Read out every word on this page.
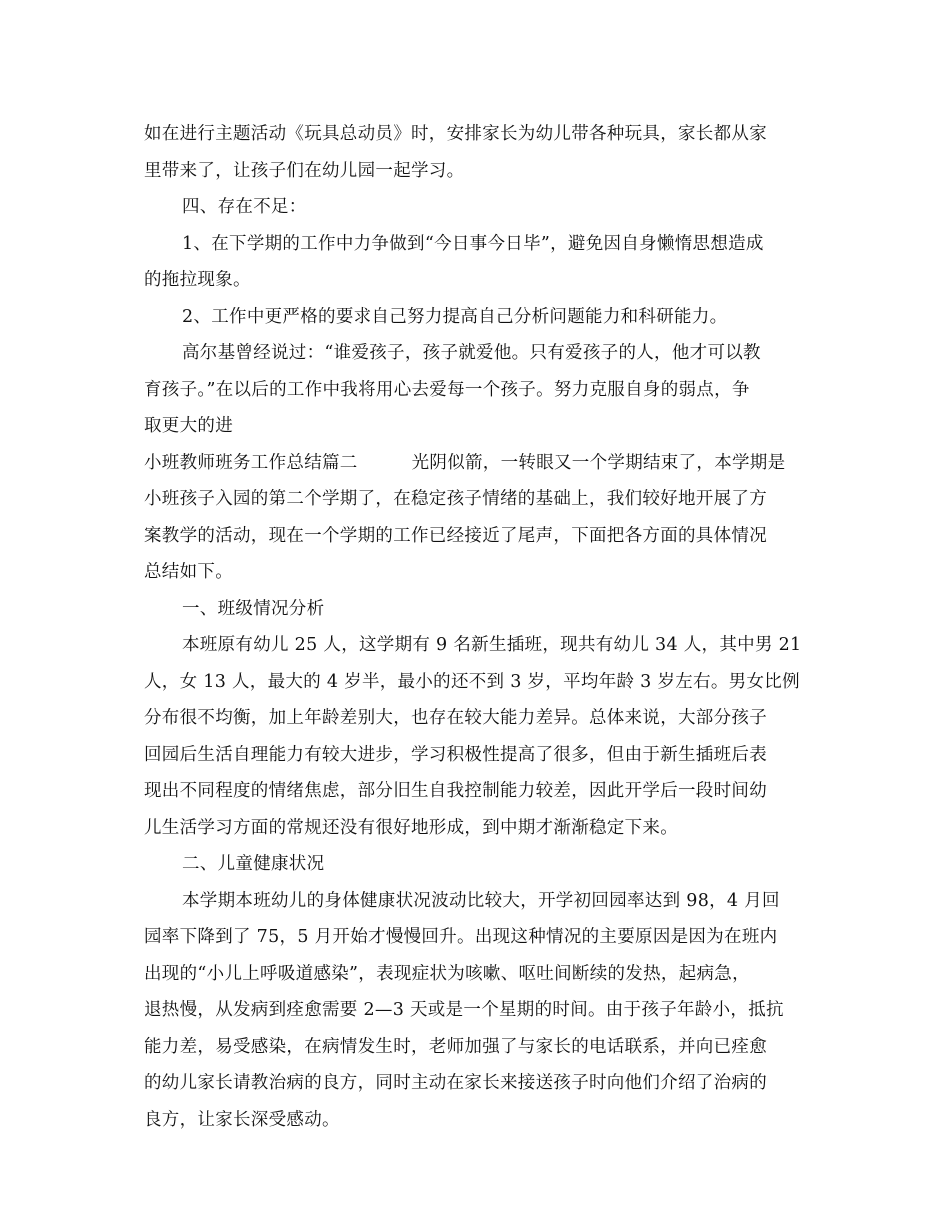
如在进行主题活动《玩具总动员》时，安排家长为幼儿带各种玩具，家长都从家
里带来了，让孩子们在幼儿园一起学习。
四、存在不足：
1、在下学期的工作中力争做到“今日事今日毕”，避免因自身懒惰思想造成
的拖拉现象。
2、工作中更严格的要求自己努力提高自己分析问题能力和科研能力。
高尔基曾经说过：“谁爱孩子，孩子就爱他。只有爱孩子的人，他才可以教
育孩子。”在以后的工作中我将用心去爱每一个孩子。努力克服自身的弱点，争
取更大的进
小班教师班务工作总结篇二	光阴似箭，一转眼又一个学期结束了，本学期是
小班孩子入园的第二个学期了，在稳定孩子情绪的基础上，我们较好地开展了方
案教学的活动，现在一个学期的工作已经接近了尾声，下面把各方面的具体情况
总结如下。
一、班级情况分析
本班原有幼儿 25 人，这学期有 9 名新生插班，现共有幼儿 34 人，其中男 21
人，女 13 人，最大的 4 岁半，最小的还不到 3 岁，平均年龄 3 岁左右。男女比例
分布很不均衡，加上年龄差别大，也存在较大能力差异。总体来说，大部分孩子
回园后生活自理能力有较大进步，学习积极性提高了很多，但由于新生插班后表
现出不同程度的情绪焦虑，部分旧生自我控制能力较差，因此开学后一段时间幼
儿生活学习方面的常规还没有很好地形成，到中期才渐渐稳定下来。
二、儿童健康状况
本学期本班幼儿的身体健康状况波动比较大，开学初回园率达到 98，4 月回
园率下降到了 75，5 月开始才慢慢回升。出现这种情况的主要原因是因为在班内
出现的“小儿上呼吸道感染”，表现症状为咳嗽、呕吐间断续的发热，起病急，
退热慢，从发病到痊愈需要 2—3 天或是一个星期的时间。由于孩子年龄小，抵抗
能力差，易受感染，在病情发生时，老师加强了与家长的电话联系，并向已痊愈
的幼儿家长请教治病的良方，同时主动在家长来接送孩子时向他们介绍了治病的
良方，让家长深受感动。
